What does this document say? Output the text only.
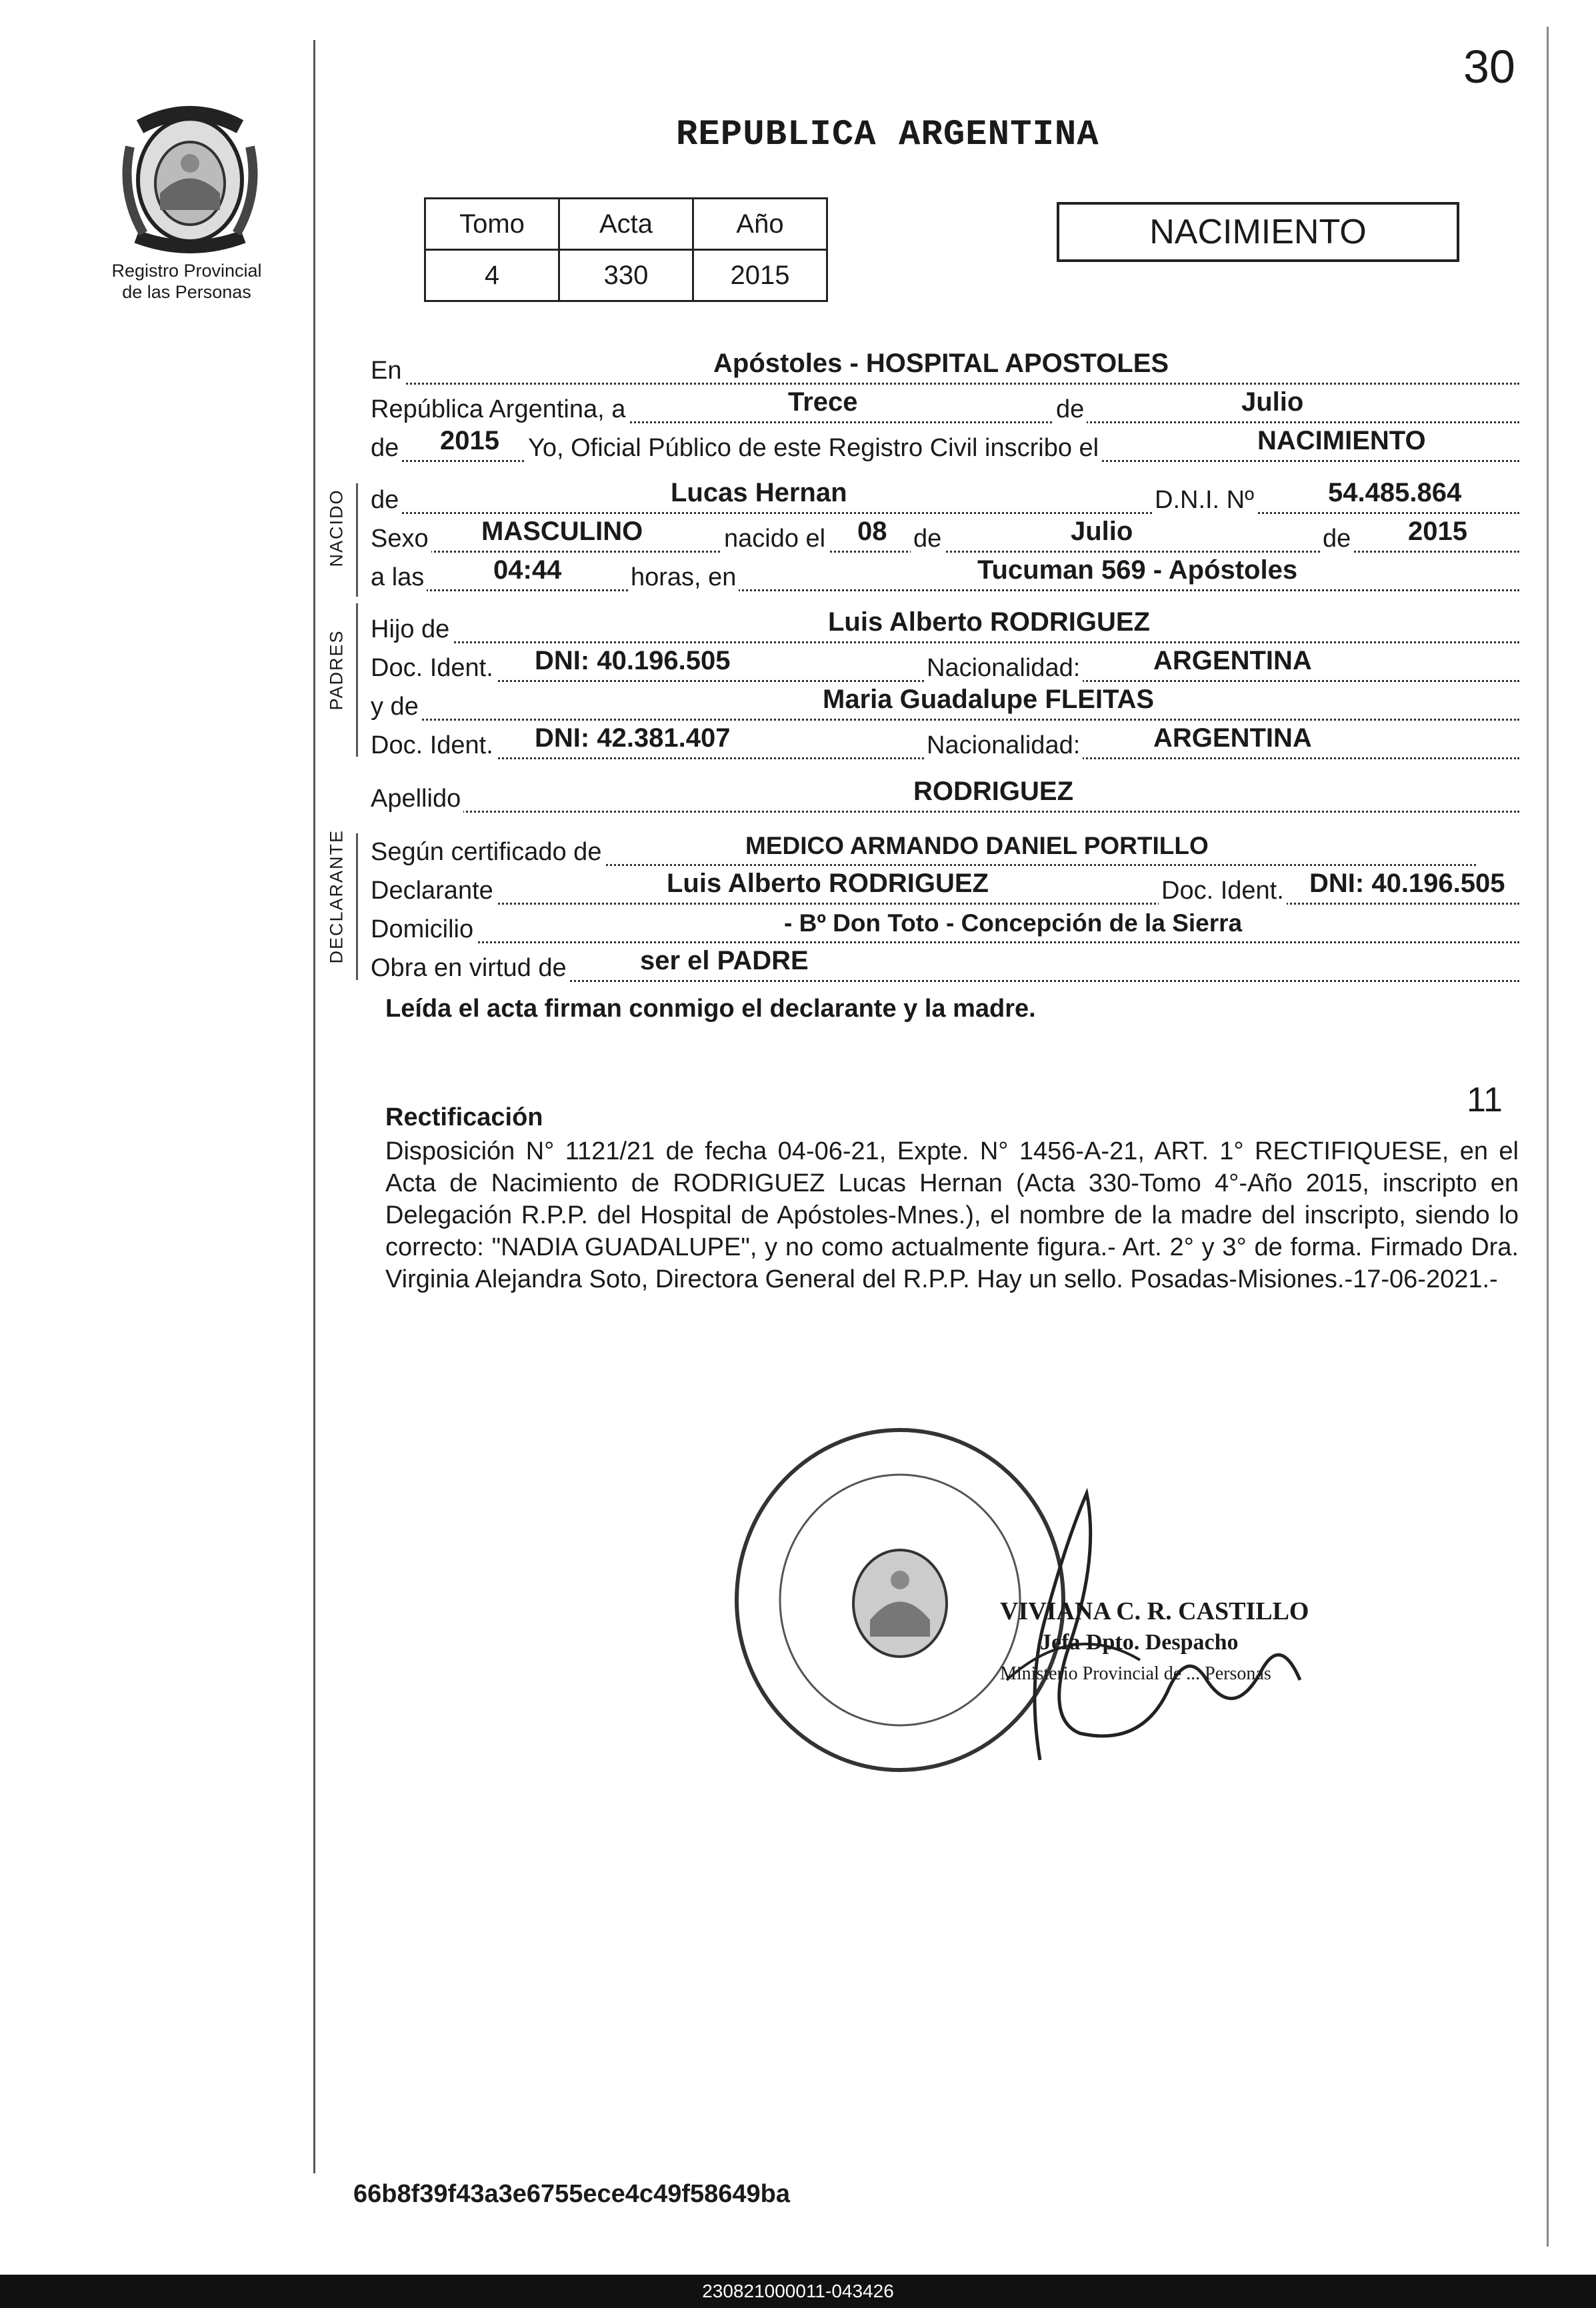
30
Registro Provincial
de las Personas
REPUBLICA ARGENTINA
Tomo	Acta	Año
4	330	2015
NACIMIENTO
En	Apóstoles - HOSPITAL APOSTOLES
República Argentina, a	Trece	de	Julio
de 2015 Yo, Oficial Público de este Registro Civil inscribo el	NACIMIENTO
NACIDO de	Lucas Hernan	D.N.I. Nº	54.485.864
Sexo MASCULINO	nacido el 08 de	Julio	de 2015
a las	04:44	horas, en	Tucuman 569 - Apóstoles
PADRES
Hijo de	Luis Alberto RODRIGUEZ
Doc. Ident. DNI: 40.196.505	Nacionalidad:	ARGENTINA
y de	Maria Guadalupe FLEITAS
Doc. Ident. DNI: 42.381.407	Nacionalidad:	ARGENTINA
Apellido	RODRIGUEZ
DECLARANTE Según certificado de	MEDICO ARMANDO DANIEL PORTILLO
Declarante	Luis Alberto RODRIGUEZ	Doc. Ident. DNI: 40.196.505
Domicilio	- Bº Don Toto - Concepción de la Sierra
Obra en virtud de	ser el PADRE
Leída el acta firman conmigo el declarante y la madre.
11
Rectificación
Disposición N° 1121/21 de fecha 04-06-21, Expte. N° 1456-A-21, ART. 1° RECTIFIQUESE, en el Acta de Nacimiento de RODRIGUEZ Lucas Hernan (Acta 330-Tomo 4°-Año 2015, inscripto en Delegación R.P.P. del Hospital de Apóstoles-Mnes.), el nombre de la madre del inscripto, siendo lo correcto: "NADIA GUADALUPE", y no como actualmente figura.- Art. 2° y 3° de forma. Firmado Dra. Virginia Alejandra Soto, Directora General del R.P.P. Hay un sello. Posadas-Misiones.-17-06-2021.-
VIVIANA C. R. CASTILLO
Jefa Dpto. Despacho
Ministerio Provincial de ... Personas
66b8f39f43a3e6755ece4c49f58649ba
230821000011-043426
